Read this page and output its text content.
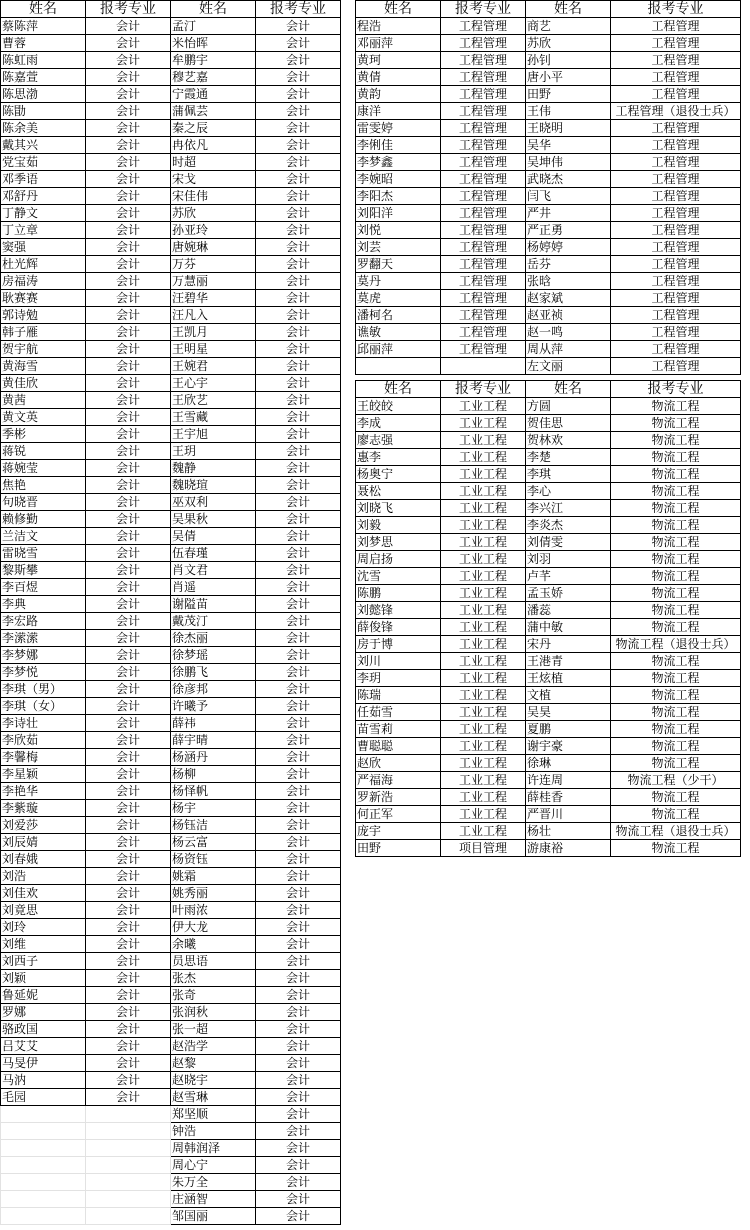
姓名	报考专业	姓名	报考专业
蔡陈萍	会计	孟汀	会计
曹蓉	会计	米怡晖	会计
陈虹雨	会计	牟鹏宇	会计
陈嘉萱	会计	穆艺嘉	会计
陈思渤	会计	宁霞通	会计
陈勖	会计	蒲佩芸	会计
陈余美	会计	秦之辰	会计
戴其兴	会计	冉依凡	会计
党宝茹	会计	时超	会计
邓季语	会计	宋戈	会计
邓舒丹	会计	宋佳伟	会计
丁静文	会计	苏欣	会计
丁立章	会计	孙亚玲	会计
窦强	会计	唐婉琳	会计
杜光辉	会计	万芬	会计
房福涛	会计	万慧丽	会计
耿赛赛	会计	汪碧华	会计
郭诗勉	会计	汪凡入	会计
韩子雁	会计	王凯月	会计
贺宇航	会计	王明星	会计
黄海雪	会计	王婉君	会计
黄佳欣	会计	王心宇	会计
黄茜	会计	王欣艺	会计
黄文英	会计	王雪藏	会计
季彬	会计	王宇旭	会计
蒋锐	会计	王玥	会计
蒋婉莹	会计	魏静	会计
焦艳	会计	魏晓瑄	会计
句晓晋	会计	巫双利	会计
赖修勤	会计	吴果秋	会计
兰洁文	会计	吴倩	会计
雷晓雪	会计	伍春瑾	会计
黎斯攀	会计	肖文君	会计
李百煜	会计	肖遥	会计
李典	会计	谢隘苗	会计
李宏路	会计	戴茂汀	会计
李潆潆	会计	徐杰丽	会计
李梦娜	会计	徐梦瑶	会计
李梦悦	会计	徐鹏飞	会计
李琪（男）	会计	徐彦邦	会计
李琪（女）	会计	许曦予	会计
李诗壮	会计	薛祎	会计
李欣茹	会计	薛宇晴	会计
李馨梅	会计	杨涵丹	会计
李星颖	会计	杨柳	会计
李艳华	会计	杨怿帆	会计
李紫璇	会计	杨宇	会计
刘爱莎	会计	杨钰洁	会计
刘辰婧	会计	杨云富	会计
刘春娥	会计	杨资钰	会计
刘浩	会计	姚霜	会计
刘佳欢	会计	姚秀丽	会计
刘竟思	会计	叶雨浓	会计
刘玲	会计	伊大龙	会计
刘维	会计	余曦	会计
刘西子	会计	员思语	会计
刘颖	会计	张杰	会计
鲁延妮	会计	张奇	会计
罗娜	会计	张润秋	会计
骆政国	会计	张一超	会计
吕艾艾	会计	赵浩学	会计
马旻伊	会计	赵黎	会计
马汭	会计	赵晓宇	会计
毛园	会计	赵雪琳	会计
		郑坚顺	会计
		钟浩	会计
		周韩润泽	会计
		周心宁	会计
		朱万全	会计
		庄涵智	会计
		邹国丽	会计
姓名	报考专业	姓名	报考专业
程浩	工程管理	商艺	工程管理
邓丽萍	工程管理	苏欣	工程管理
黄珂	工程管理	孙钊	工程管理
黄倩	工程管理	唐小平	工程管理
黄韵	工程管理	田野	工程管理
康洋	工程管理	王伟	工程管理（退役士兵）
雷雯婷	工程管理	王晓明	工程管理
李俐佳	工程管理	吴华	工程管理
李梦鑫	工程管理	吴坤伟	工程管理
李婉昭	工程管理	武晓杰	工程管理
李阳杰	工程管理	闫飞	工程管理
刘阳洋	工程管理	严井	工程管理
刘悦	工程管理	严正勇	工程管理
刘芸	工程管理	杨婷婷	工程管理
罗翻天	工程管理	岳芬	工程管理
莫丹	工程管理	张晗	工程管理
莫虎	工程管理	赵家斌	工程管理
潘柯名	工程管理	赵亚祯	工程管理
谯敏	工程管理	赵一鸣	工程管理
邱丽萍	工程管理	周从萍	工程管理
		左文丽	工程管理
姓名	报考专业	姓名	报考专业
王皎皎	工业工程	方圆	物流工程
李成	工业工程	贺佳思	物流工程
廖志强	工业工程	贺林欢	物流工程
惠李	工业工程	李楚	物流工程
杨奥宁	工业工程	李琪	物流工程
聂松	工业工程	李心	物流工程
刘晓飞	工业工程	李兴江	物流工程
刘毅	工业工程	李炎杰	物流工程
刘梦思	工业工程	刘倩雯	物流工程
周启扬	工业工程	刘羽	物流工程
沈雪	工业工程	卢芊	物流工程
陈鹏	工业工程	孟玉娇	物流工程
刘懿锋	工业工程	潘蕊	物流工程
薛俊锋	工业工程	蒲中敏	物流工程
房于博	工业工程	宋丹	物流工程（退役士兵）
刘川	工业工程	王港青	物流工程
李玥	工业工程	王炫植	物流工程
陈瑞	工业工程	文植	物流工程
任茹雪	工业工程	吴昊	物流工程
苗雪莉	工业工程	夏鹏	物流工程
曹聪聪	工业工程	谢宇豪	物流工程
赵欣	工业工程	徐琳	物流工程
严福海	工业工程	许连周	物流工程（少干）
罗新浩	工业工程	薛桂香	物流工程
何正军	工业工程	严晋川	物流工程
庞宇	工业工程	杨壮	物流工程（退役士兵）
田野	项目管理	游康裕	物流工程
